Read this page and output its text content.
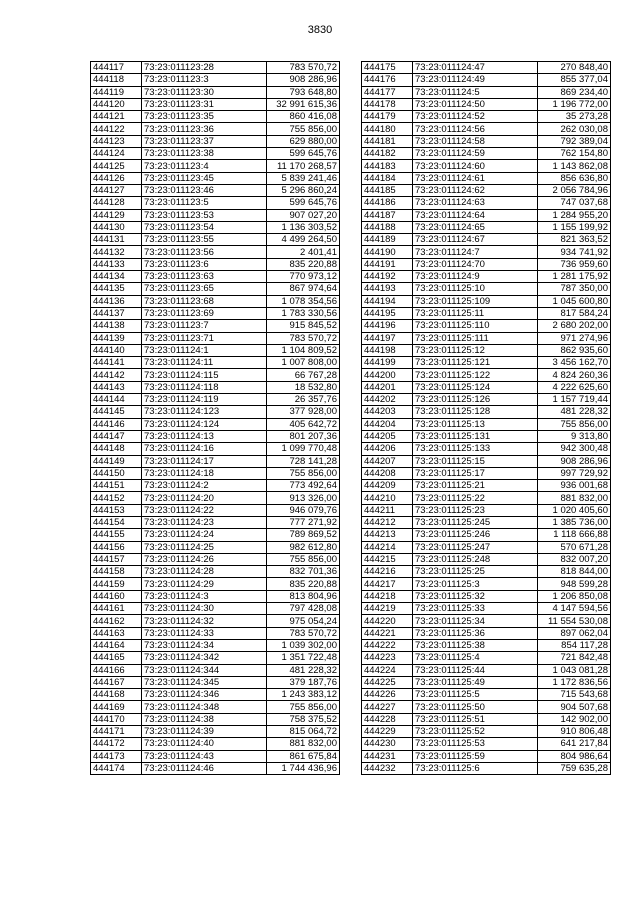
3830
444117	73:23:011123:28	783 570,72
444118	73:23:011123:3	908 286,96
444119	73:23:011123:30	793 648,80
444120	73:23:011123:31	32 991 615,36
444121	73:23:011123:35	860 416,08
444122	73:23:011123:36	755 856,00
444123	73:23:011123:37	629 880,00
444124	73:23:011123:38	599 645,76
444125	73:23:011123:4	11 170 268,57
444126	73:23:011123:45	5 839 241,46
444127	73:23:011123:46	5 296 860,24
444128	73:23:011123:5	599 645,76
444129	73:23:011123:53	907 027,20
444130	73:23:011123:54	1 136 303,52
444131	73:23:011123:55	4 499 264,50
444132	73:23:011123:56	2 401,41
444133	73:23:011123:6	835 220,88
444134	73:23:011123:63	770 973,12
444135	73:23:011123:65	867 974,64
444136	73:23:011123:68	1 078 354,56
444137	73:23:011123:69	1 783 330,56
444138	73:23:011123:7	915 845,52
444139	73:23:011123:71	783 570,72
444140	73:23:011124:1	1 104 809,52
444141	73:23:011124:11	1 007 808,00
444142	73:23:011124:115	66 767,28
444143	73:23:011124:118	18 532,80
444144	73:23:011124:119	26 357,76
444145	73:23:011124:123	377 928,00
444146	73:23:011124:124	405 642,72
444147	73:23:011124:13	801 207,36
444148	73:23:011124:16	1 099 770,48
444149	73:23:011124:17	728 141,28
444150	73:23:011124:18	755 856,00
444151	73:23:011124:2	773 492,64
444152	73:23:011124:20	913 326,00
444153	73:23:011124:22	946 079,76
444154	73:23:011124:23	777 271,92
444155	73:23:011124:24	789 869,52
444156	73:23:011124:25	982 612,80
444157	73:23:011124:26	755 856,00
444158	73:23:011124:28	832 701,36
444159	73:23:011124:29	835 220,88
444160	73:23:011124:3	813 804,96
444161	73:23:011124:30	797 428,08
444162	73:23:011124:32	975 054,24
444163	73:23:011124:33	783 570,72
444164	73:23:011124:34	1 039 302,00
444165	73:23:011124:342	1 351 722,48
444166	73:23:011124:344	481 228,32
444167	73:23:011124:345	379 187,76
444168	73:23:011124:346	1 243 383,12
444169	73:23:011124:348	755 856,00
444170	73:23:011124:38	758 375,52
444171	73:23:011124:39	815 064,72
444172	73:23:011124:40	881 832,00
444173	73:23:011124:43	861 675,84
444174	73:23:011124:46	1 744 436,96
444175	73:23:011124:47	270 848,40
444176	73:23:011124:49	855 377,04
444177	73:23:011124:5	869 234,40
444178	73:23:011124:50	1 196 772,00
444179	73:23:011124:52	35 273,28
444180	73:23:011124:56	262 030,08
444181	73:23:011124:58	792 389,04
444182	73:23:011124:59	762 154,80
444183	73:23:011124:60	1 143 862,08
444184	73:23:011124:61	856 636,80
444185	73:23:011124:62	2 056 784,96
444186	73:23:011124:63	747 037,68
444187	73:23:011124:64	1 284 955,20
444188	73:23:011124:65	1 155 199,92
444189	73:23:011124:67	821 363,52
444190	73:23:011124:7	934 741,92
444191	73:23:011124:70	736 959,60
444192	73:23:011124:9	1 281 175,92
444193	73:23:011125:10	787 350,00
444194	73:23:011125:109	1 045 600,80
444195	73:23:011125:11	817 584,24
444196	73:23:011125:110	2 680 202,00
444197	73:23:011125:111	971 274,96
444198	73:23:011125:12	862 935,60
444199	73:23:011125:121	3 456 162,70
444200	73:23:011125:122	4 824 260,36
444201	73:23:011125:124	4 222 625,60
444202	73:23:011125:126	1 157 719,44
444203	73:23:011125:128	481 228,32
444204	73:23:011125:13	755 856,00
444205	73:23:011125:131	9 313,80
444206	73:23:011125:133	942 300,48
444207	73:23:011125:15	908 286,96
444208	73:23:011125:17	997 729,92
444209	73:23:011125:21	936 001,68
444210	73:23:011125:22	881 832,00
444211	73:23:011125:23	1 020 405,60
444212	73:23:011125:245	1 385 736,00
444213	73:23:011125:246	1 118 666,88
444214	73:23:011125:247	570 671,28
444215	73:23:011125:248	832 007,20
444216	73:23:011125:25	818 844,00
444217	73:23:011125:3	948 599,28
444218	73:23:011125:32	1 206 850,08
444219	73:23:011125:33	4 147 594,56
444220	73:23:011125:34	11 554 530,08
444221	73:23:011125:36	897 062,04
444222	73:23:011125:38	854 117,28
444223	73:23:011125:4	721 842,48
444224	73:23:011125:44	1 043 081,28
444225	73:23:011125:49	1 172 836,56
444226	73:23:011125:5	715 543,68
444227	73:23:011125:50	904 507,68
444228	73:23:011125:51	142 902,00
444229	73:23:011125:52	910 806,48
444230	73:23:011125:53	641 217,84
444231	73:23:011125:59	804 986,64
444232	73:23:011125:6	759 635,28
